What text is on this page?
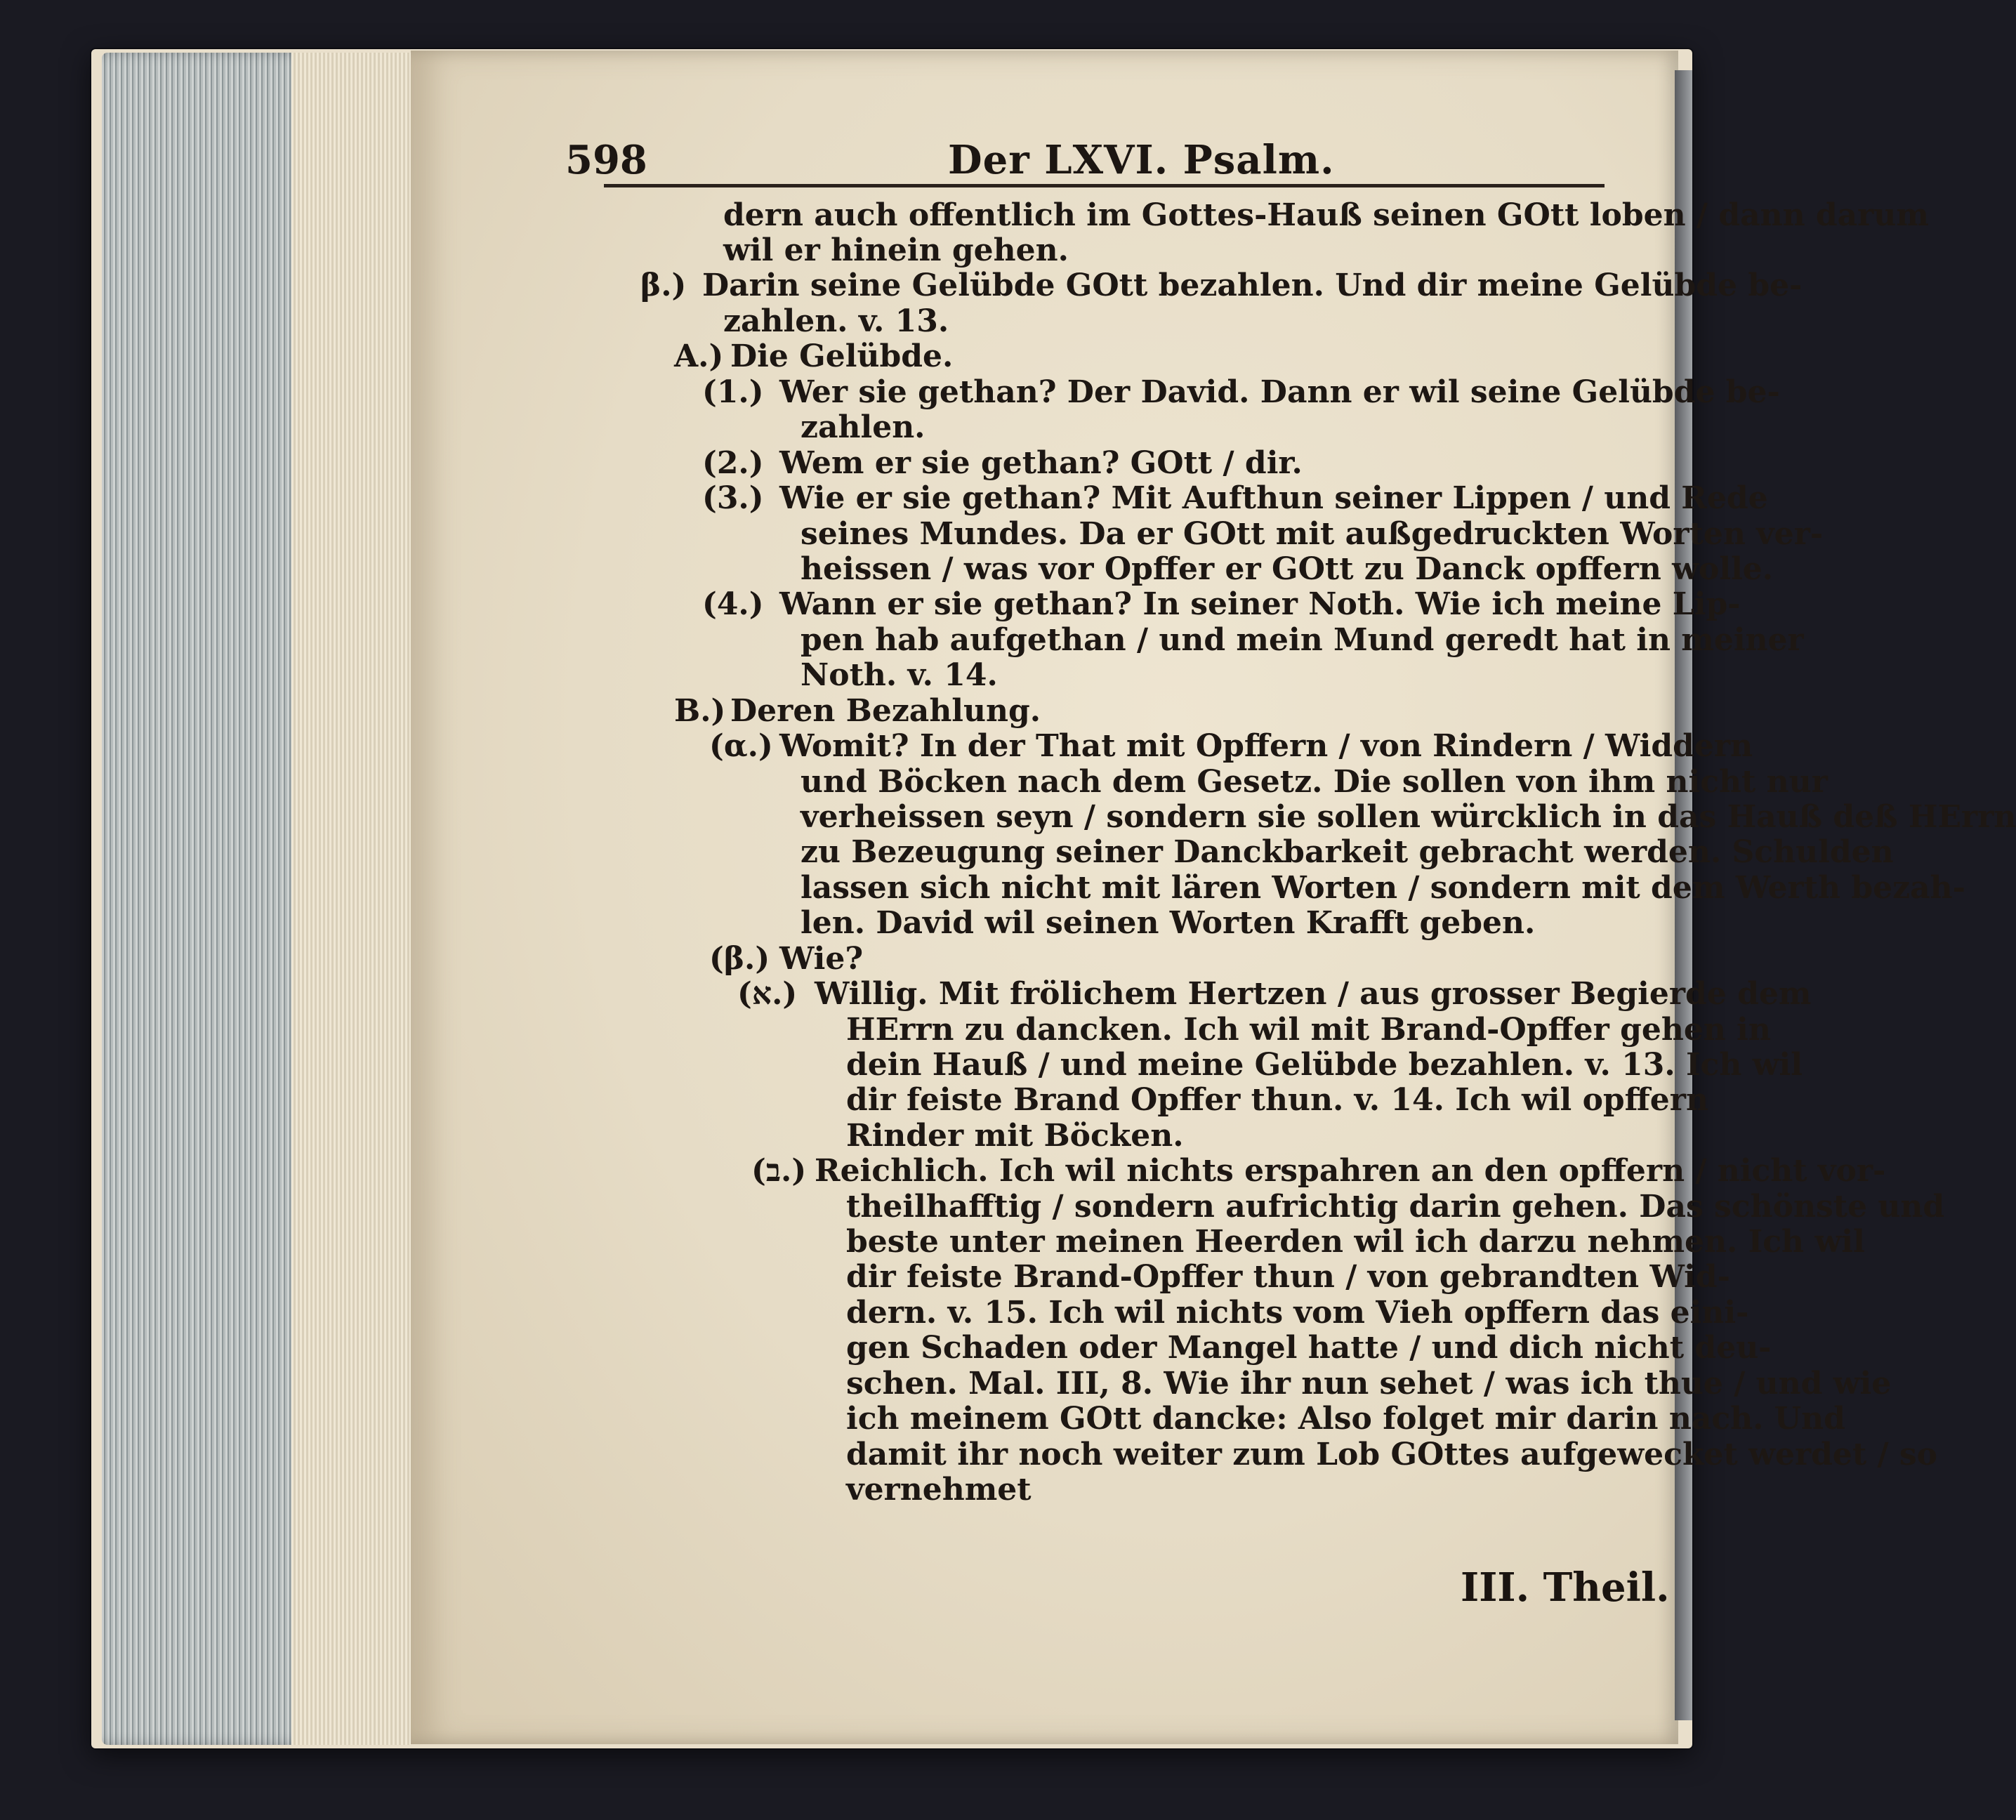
598	Der LXVI. Psalm.
dern auch offentlich im Gottes-Hauß seinen GOtt loben / dann darum
wil er hinein gehen.
β.) Darin seine Gelübde GOtt bezahlen. Und dir meine Gelübde be-
zahlen. v. 13.
A.) Die Gelübde.
(1.) Wer sie gethan? Der David. Dann er wil seine Gelübde be-
zahlen.
(2.) Wem er sie gethan? GOtt / dir.
(3.) Wie er sie gethan? Mit Aufthun seiner Lippen / und Rede
seines Mundes. Da er GOtt mit außgedruckten Worten ver-
heissen / was vor Opffer er GOtt zu Danck opffern wolle.
(4.) Wann er sie gethan? In seiner Noth. Wie ich meine Lip-
pen hab aufgethan / und mein Mund geredt hat in meiner
Noth. v. 14.
B.) Deren Bezahlung.
(α.) Womit? In der That mit Opffern / von Rindern / Widdern
und Böcken nach dem Gesetz. Die sollen von ihm nicht nur
verheissen seyn / sondern sie sollen würcklich in das Hauß deß HErrn
zu Bezeugung seiner Danckbarkeit gebracht werden. Schulden
lassen sich nicht mit lären Worten / sondern mit dem Werth bezah-
len. David wil seinen Worten Krafft geben.
(β.) Wie?
(א.) Willig. Mit frölichem Hertzen / aus grosser Begierde dem
HErrn zu dancken. Ich wil mit Brand-Opffer gehen in
dein Hauß / und meine Gelübde bezahlen. v. 13. Ich wil
dir feiste Brand Opffer thun. v. 14. Ich wil opffern
Rinder mit Böcken.
(ב.) Reichlich. Ich wil nichts erspahren an den opffern / nicht vor-
theilhafftig / sondern aufrichtig darin gehen. Das schönste und
beste unter meinen Heerden wil ich darzu nehmen. Ich wil
dir feiste Brand-Opffer thun / von gebrandten Wid-
dern. v. 15. Ich wil nichts vom Vieh opffern das eini-
gen Schaden oder Mangel hatte / und dich nicht deu-
schen. Mal. III, 8. Wie ihr nun sehet / was ich thue / und wie
ich meinem GOtt dancke: Also folget mir darin nach. Und
damit ihr noch weiter zum Lob GOttes aufgewecket werdet / so
vernehmet
III. Theil.
